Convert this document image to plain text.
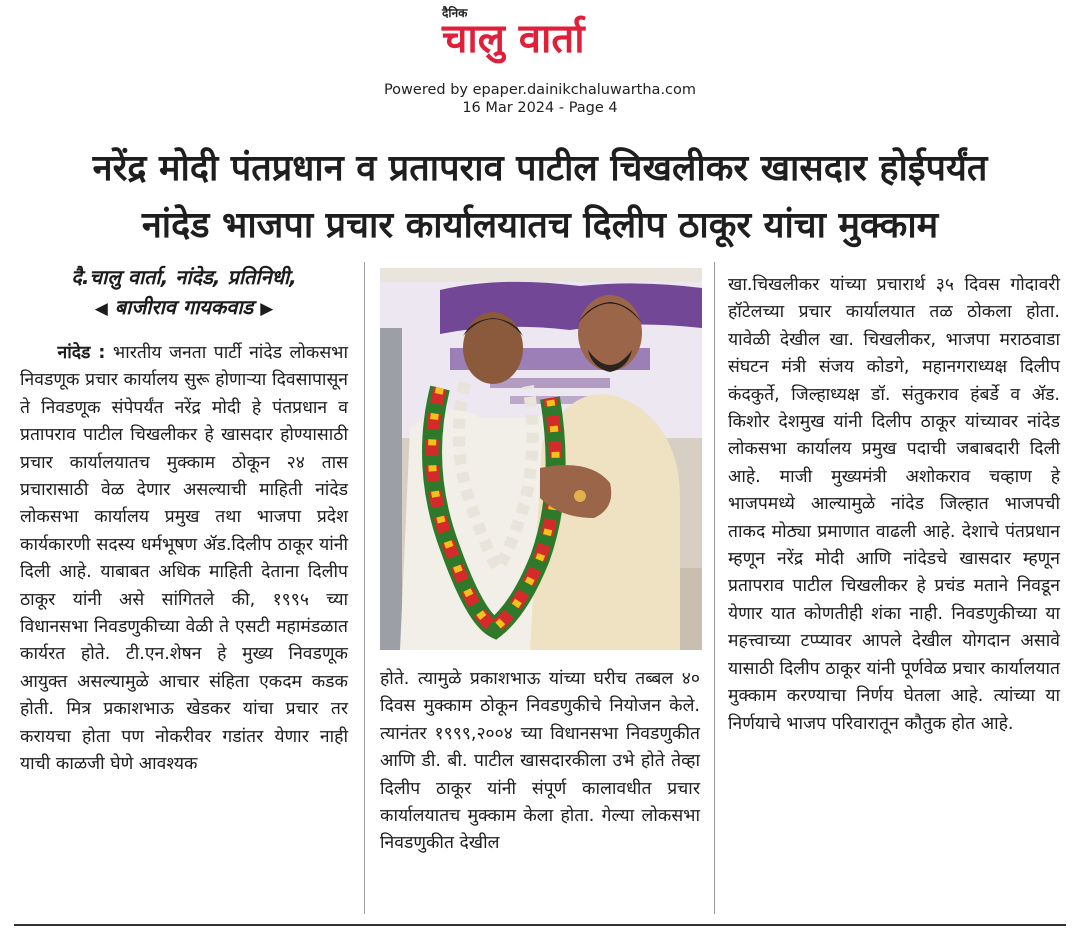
दैनिक
चालु वार्ता
Powered by epaper.dainikchaluwartha.com
16 Mar 2024 - Page 4
नरेंद्र मोदी पंतप्रधान व प्रतापराव पाटील चिखलीकर खासदार होईपर्यंत
नांदेड भाजपा प्रचार कार्यालयातच दिलीप ठाकूर यांचा मुक्काम
दै.चालु वार्ता, नांदेड, प्रतिनिधी,
◀ बाजीराव गायकवाड ▶
नांदेड : भारतीय जनता पार्टी नांदेड लोकसभा निवडणूक प्रचार कार्यालय सुरू होणाऱ्या दिवसापासून ते निवडणूक संपेपर्यंत नरेंद्र मोदी हे पंतप्रधान व प्रतापराव पाटील चिखलीकर हे खासदार होण्यासाठी प्रचार कार्यालयातच मुक्काम ठोकून २४ तास प्रचारासाठी वेळ देणार असल्याची माहिती नांदेड लोकसभा कार्यालय प्रमुख तथा भाजपा प्रदेश कार्यकारणी सदस्य धर्मभूषण ॲड.दिलीप ठाकूर यांनी दिली आहे. याबाबत अधिक माहिती देताना दिलीप ठाकूर यांनी असे सांगितले की, १९९५ च्या विधानसभा निवडणुकीच्या वेळी ते एसटी महामंडळात कार्यरत होते. टी.एन.शेषन हे मुख्य निवडणूक आयुक्त असल्यामुळे आचार संहिता एकदम कडक होती. मित्र प्रकाशभाऊ खेडकर यांचा प्रचार तर करायचा होता पण नोकरीवर गडांतर येणार नाही याची काळजी घेणे आवश्यक
होते. त्यामुळे प्रकाशभाऊ यांच्या घरीच तब्बल ४० दिवस मुक्काम ठोकून निवडणुकीचे नियोजन केले. त्यानंतर १९९९,२००४ च्या विधानसभा निवडणुकीत आणि डी. बी. पाटील खासदारकीला उभे होते तेव्हा दिलीप ठाकूर यांनी संपूर्ण कालावधीत प्रचार कार्यालयातच मुक्काम केला होता. गेल्या लोकसभा निवडणुकीत देखील
खा.चिखलीकर यांच्या प्रचारार्थ ३५ दिवस गोदावरी हॉटेलच्या प्रचार कार्यालयात तळ ठोकला होता. यावेळी देखील खा. चिखलीकर, भाजपा मराठवाडा संघटन मंत्री संजय कोडगे, महानगराध्यक्ष दिलीप कंदकुर्ते, जिल्हाध्यक्ष डॉ. संतुकराव हंबर्डे व ॲड. किशोर देशमुख यांनी दिलीप ठाकूर यांच्यावर नांदेड लोकसभा कार्यालय प्रमुख पदाची जबाबदारी दिली आहे. माजी मुख्यमंत्री अशोकराव चव्हाण हे भाजपमध्ये आल्यामुळे नांदेड जिल्हात भाजपची ताकद मोठ्या प्रमाणात वाढली आहे. देशाचे पंतप्रधान म्हणून नरेंद्र मोदी आणि नांदेडचे खासदार म्हणून प्रतापराव पाटील चिखलीकर हे प्रचंड मताने निवडून येणार यात कोणतीही शंका नाही. निवडणुकीच्या या महत्त्वाच्या टप्प्यावर आपले देखील योगदान असावे यासाठी दिलीप ठाकूर यांनी पूर्णवेळ प्रचार कार्यालयात मुक्काम करण्याचा निर्णय घेतला आहे. त्यांच्या या निर्णयाचे भाजप परिवारातून कौतुक होत आहे.
